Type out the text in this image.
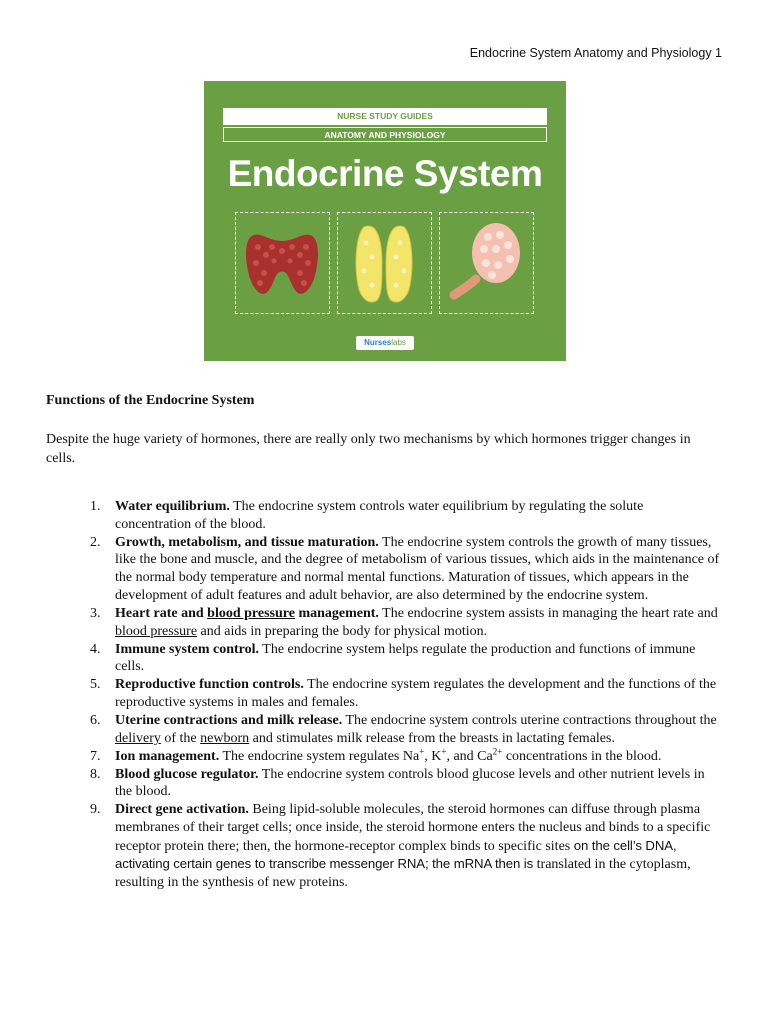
Endocrine System Anatomy and Physiology 1
NURSE STUDY GUIDES
ANATOMY AND PHYSIOLOGY
Endocrine System
Nurseslabs
Functions of the Endocrine System

Despite the huge variety of hormones, there are really only two mechanisms by which hormones trigger changes in cells.

1. Water equilibrium. The endocrine system controls water equilibrium by regulating the solute concentration of the blood.
2. Growth, metabolism, and tissue maturation. The endocrine system controls the growth of many tissues, like the bone and muscle, and the degree of metabolism of various tissues, which aids in the maintenance of the normal body temperature and normal mental functions. Maturation of tissues, which appears in the development of adult features and adult behavior, are also determined by the endocrine system.
3. Heart rate and blood pressure management. The endocrine system assists in managing the heart rate and blood pressure and aids in preparing the body for physical motion.
4. Immune system control. The endocrine system helps regulate the production and functions of immune cells.
5. Reproductive function controls. The endocrine system regulates the development and the functions of the reproductive systems in males and females.
6. Uterine contractions and milk release. The endocrine system controls uterine contractions throughout the delivery of the newborn and stimulates milk release from the breasts in lactating females.
7. Ion management. The endocrine system regulates Na+, K+, and $Ca^{2+}$ concentrations in the blood.
8. Blood glucose regulator. The endocrine system controls blood glucose levels and other nutrient levels in the blood.
9. Direct gene activation. Being lipid-soluble molecules, the steroid hormones can diffuse through plasma membranes of their target cells; once inside, the steroid hormone enters the nucleus and binds to a specific receptor protein there; then, the hormone-receptor complex binds to specific sites on the cell’s DNA, activating certain genes to transcribe messenger RNA; the mRNA then is translated in the cytoplasm, resulting in the synthesis of new proteins.
